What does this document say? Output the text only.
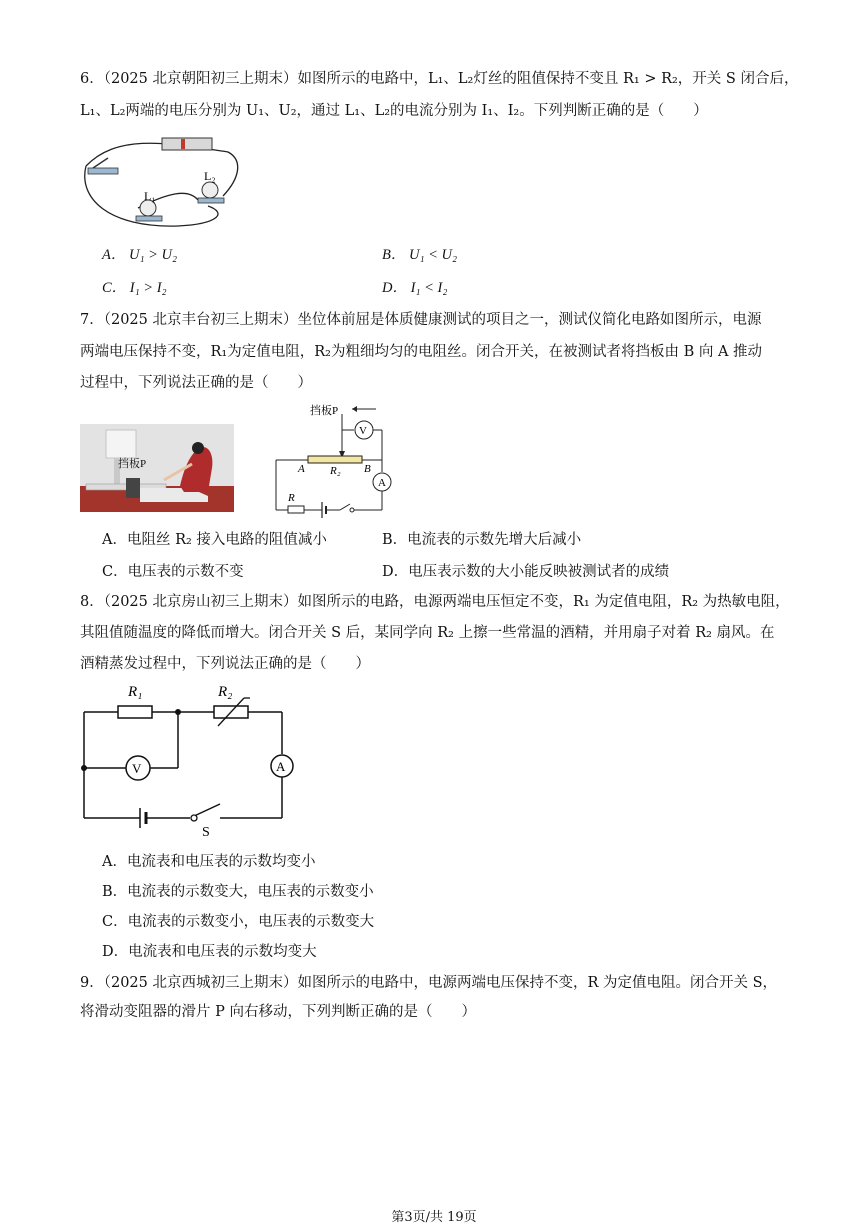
6．（2025 北京朝阳初三上期末）如图所示的电路中，L₁、L₂灯丝的阻值保持不变且 R₁ > R₂，开关 S 闭合后，
L₁、L₂两端的电压分别为 U₁、U₂，通过 L₁、L₂的电流分别为 I₁、I₂。下列判断正确的是（　　）
L₁
L₂
A． U₁ > U₂	B． U₁ < U₂
C． I₁ > I₂	D． I₁ < I₂
7．（2025 北京丰台初三上期末）坐位体前屈是体质健康测试的项目之一，测试仪简化电路如图所示，电源
两端电压保持不变，R₁为定值电阻，R₂为粗细均匀的电阻丝。闭合开关，在被测试者将挡板由 B 向 A 推动
过程中，下列说法正确的是（　　）
挡板P
挡板P
V
A	B
R₂
A
R
A．电阻丝 R₂ 接入电路的阻值减小	B．电流表的示数先增大后减小
C．电压表的示数不变	D．电压表示数的大小能反映被测试者的成绩
8．（2025 北京房山初三上期末）如图所示的电路，电源两端电压恒定不变，R₁ 为定值电阻，R₂ 为热敏电阻，
其阻值随温度的降低而增大。闭合开关 S 后，某同学向 R₂ 上擦一些常温的酒精，并用扇子对着 R₂ 扇风。在
酒精蒸发过程中，下列说法正确的是（　　）
R₁	R₂
A
V
S
A．电流表和电压表的示数均变小
B．电流表的示数变大，电压表的示数变小
C．电流表的示数变小，电压表的示数变大
D．电流表和电压表的示数均变大
9．（2025 北京西城初三上期末）如图所示的电路中，电源两端电压保持不变，R 为定值电阻。闭合开关 S，
将滑动变阻器的滑片 P 向右移动，下列判断正确的是（　　）
第3页/共 19页
